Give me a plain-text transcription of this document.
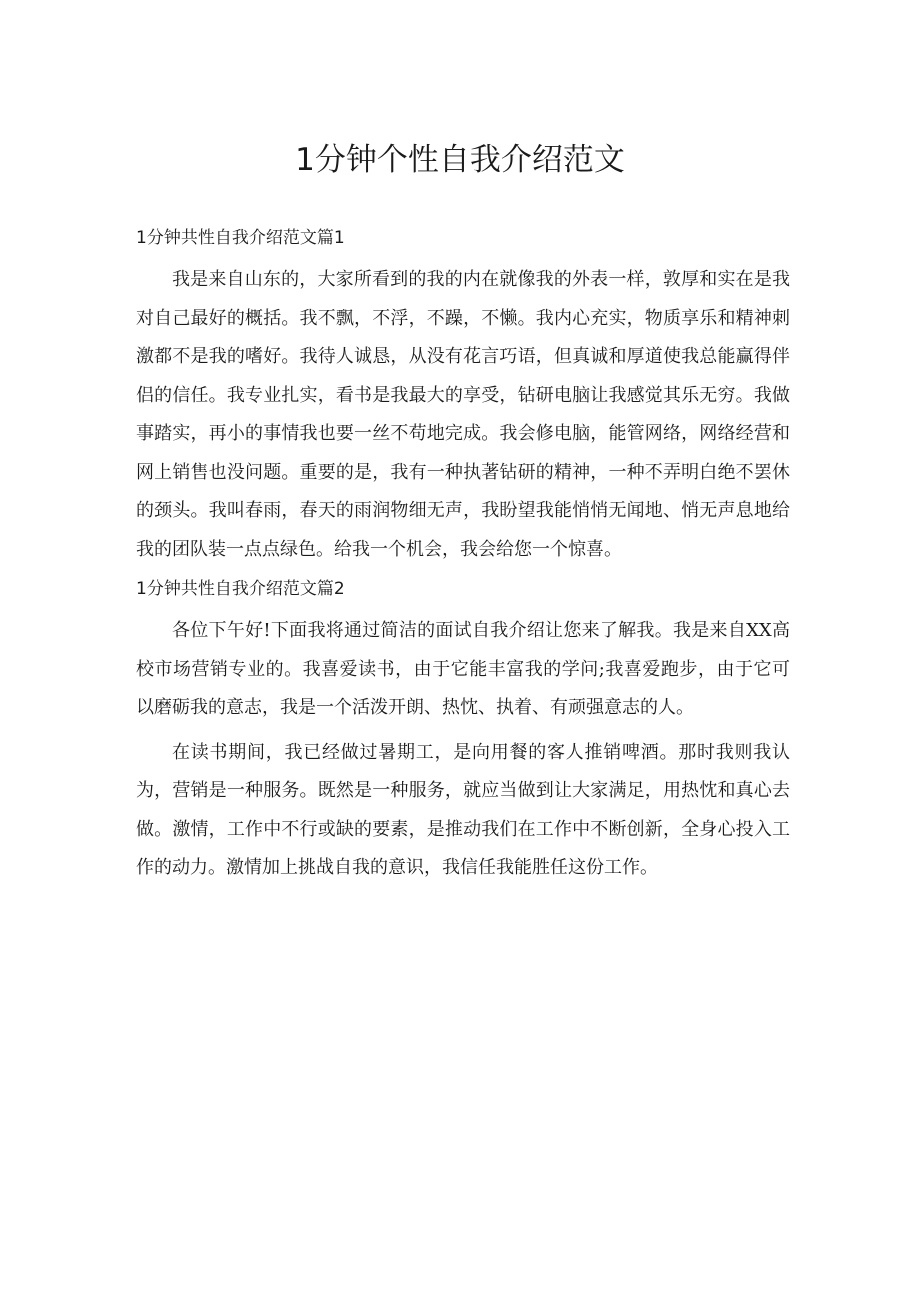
1分钟个性自我介绍范文
1分钟共性自我介绍范文篇1

我是来自山东的，大家所看到的我的内在就像我的外表一样，敦厚和实在是我对自己最好的概括。我不飘，不浮，不躁，不懒。我内心充实，物质享乐和精神刺激都不是我的嗜好。我待人诚恳，从没有花言巧语，但真诚和厚道使我总能赢得伴侣的信任。我专业扎实，看书是我最大的享受，钻研电脑让我感觉其乐无穷。我做事踏实，再小的事情我也要一丝不苟地完成。我会修电脑，能管网络，网络经营和网上销售也没问题。重要的是，我有一种执著钻研的精神，一种不弄明白绝不罢休的颈头。我叫春雨，春天的雨润物细无声，我盼望我能悄悄无闻地、悄无声息地给我的团队装一点点绿色。给我一个机会，我会给您一个惊喜。

1分钟共性自我介绍范文篇2

各位下午好!下面我将通过简洁的面试自我介绍让您来了解我。我是来自XX高校市场营销专业的。我喜爱读书，由于它能丰富我的学问;我喜爱跑步，由于它可以磨砺我的意志，我是一个活泼开朗、热忱、执着、有顽强意志的人。

在读书期间，我已经做过暑期工，是向用餐的客人推销啤酒。那时我则我认为，营销是一种服务。既然是一种服务，就应当做到让大家满足，用热忱和真心去做。激情，工作中不行或缺的要素，是推动我们在工作中不断创新，全身心投入工作的动力。激情加上挑战自我的意识，我信任我能胜任这份工作。
